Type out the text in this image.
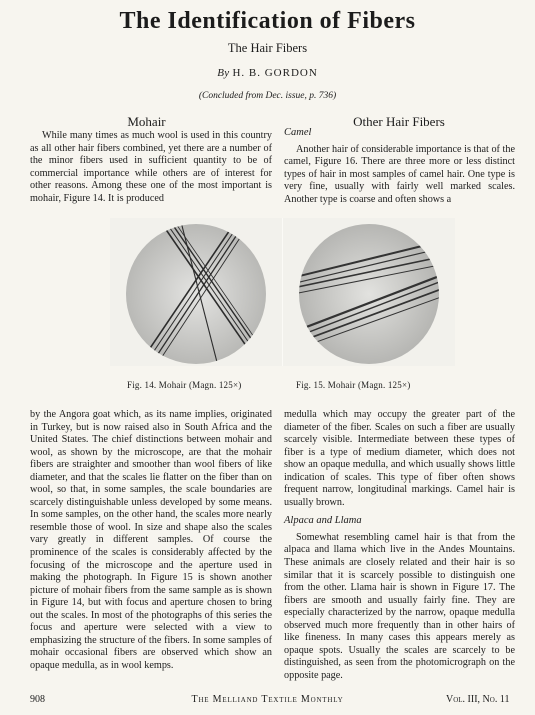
The Identification of Fibers
The Hair Fibers
By H. B. GORDON
(Concluded from Dec. issue, p. 736)
Mohair

While many times as much wool is used in this country as all other hair fibers combined, yet there are a number of the minor fibers used in sufficient quantity to be of commercial importance while others are of interest for other reasons. Among these one of the most important is mohair, Figure 14. It is produced

Other Hair Fibers
Camel

Another hair of considerable importance is that of the camel, Figure 16. There are three more or less distinct types of hair in most samples of camel hair. One type is very fine, usually with fairly well marked scales. Another type is coarse and often shows a

Fig. 14. Mohair (Magn. 125×)	Fig. 15. Mohair (Magn. 125×)

by the Angora goat which, as its name implies, originated in Turkey, but is now raised also in South Africa and the United States. The chief distinctions between mohair and wool, as shown by the microscope, are that the mohair fibers are straighter and smoother than wool fibers of like diameter, and that the scales lie flatter on the fiber than on wool, so that, in some samples, the scale boundaries are scarcely distinguishable unless developed by some means. In some samples, on the other hand, the scales more nearly resemble those of wool. In size and shape also the scales vary greatly in different samples. Of course the prominence of the scales is considerably affected by the focusing of the microscope and the aperture used in making the photograph. In Figure 15 is shown another picture of mohair fibers from the same sample as is shown in Figure 14, but with focus and aperture chosen to bring out the scales. In most of the photographs of this series the focus and aperture were selected with a view to emphasizing the structure of the fibers. In some samples of mohair occasional fibers are observed which show an opaque medulla, as in wool kemps.

medulla which may occupy the greater part of the diameter of the fiber. Scales on such a fiber are usually scarcely visible. Intermediate between these types of fiber is a type of medium diameter, which does not show an opaque medulla, and which usually shows little indication of scales. This type of fiber often shows frequent narrow, longitudinal markings. Camel hair is usually brown.

Alpaca and Llama

Somewhat resembling camel hair is that from the alpaca and llama which live in the Andes Mountains. These animals are closely related and their hair is so similar that it is scarcely possible to distinguish one from the other. Llama hair is shown in Figure 17. The fibers are smooth and usually fairly fine. They are especially characterized by the narrow, opaque medulla observed much more frequently than in other hairs of like fineness. In many cases this appears merely as opaque spots. Usually the scales are scarcely to be distinguished, as seen from the photomicrograph on the opposite page.

908	The Melliand Textile Monthly	Vol. III, No. 11
